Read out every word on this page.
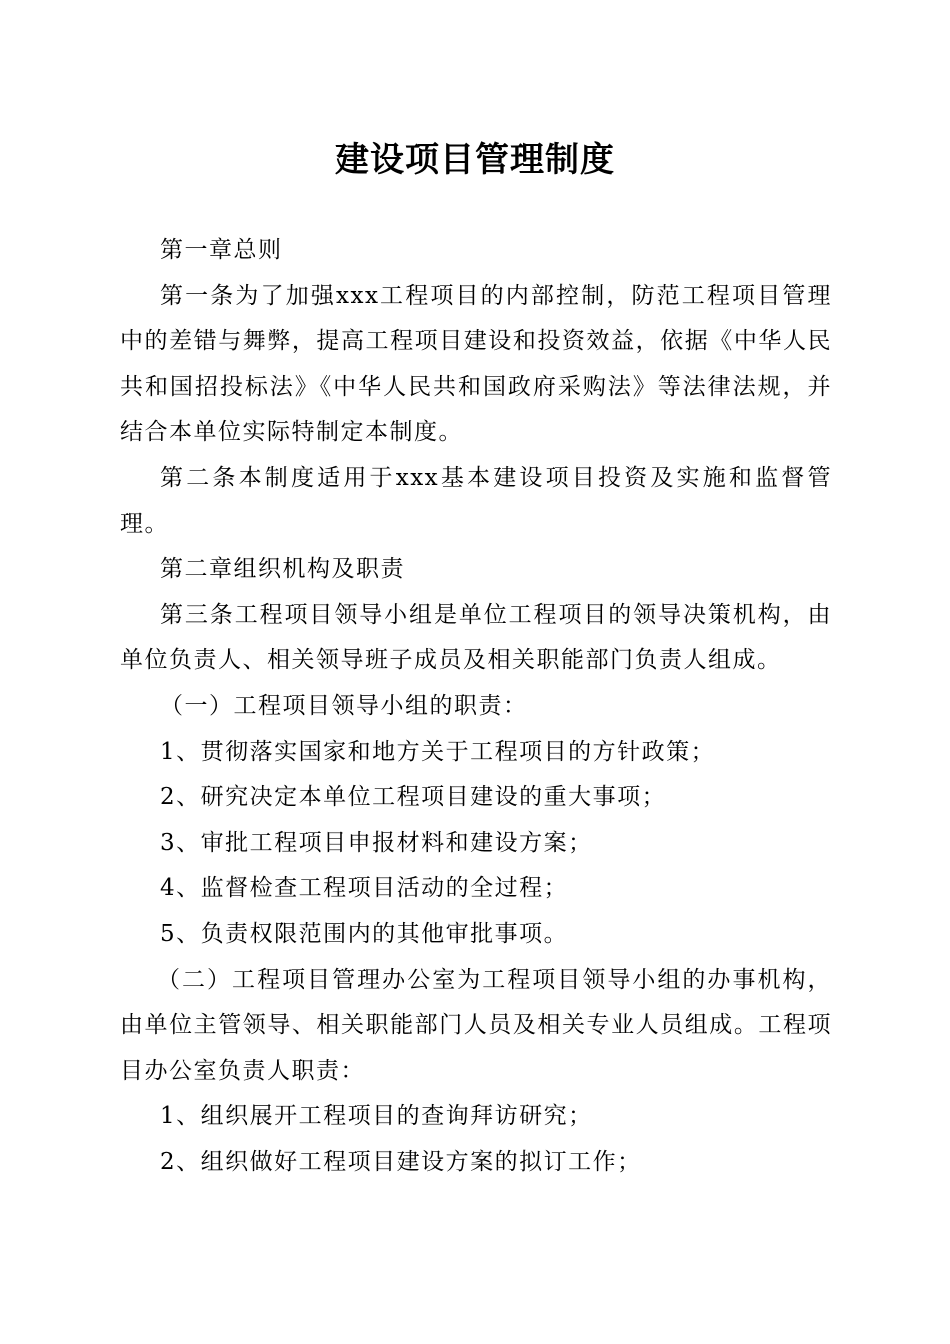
建设项目管理制度

第一章总则

第一条为了加强xxx工程项目的内部控制，防范工程项目管理中的差错与舞弊，提高工程项目建设和投资效益，依据《中华人民共和国招投标法》《中华人民共和国政府采购法》等法律法规，并结合本单位实际特制定本制度。

第二条本制度适用于xxx基本建设项目投资及实施和监督管理。

第二章组织机构及职责

第三条工程项目领导小组是单位工程项目的领导决策机构，由单位负责人、相关领导班子成员及相关职能部门负责人组成。

（一）工程项目领导小组的职责：

1、贯彻落实国家和地方关于工程项目的方针政策；

2、研究决定本单位工程项目建设的重大事项；

3、审批工程项目申报材料和建设方案；

4、监督检查工程项目活动的全过程；

5、负责权限范围内的其他审批事项。

（二）工程项目管理办公室为工程项目领导小组的办事机构，由单位主管领导、相关职能部门人员及相关专业人员组成。工程项目办公室负责人职责：

1、组织展开工程项目的查询拜访研究；

2、组织做好工程项目建设方案的拟订工作；
